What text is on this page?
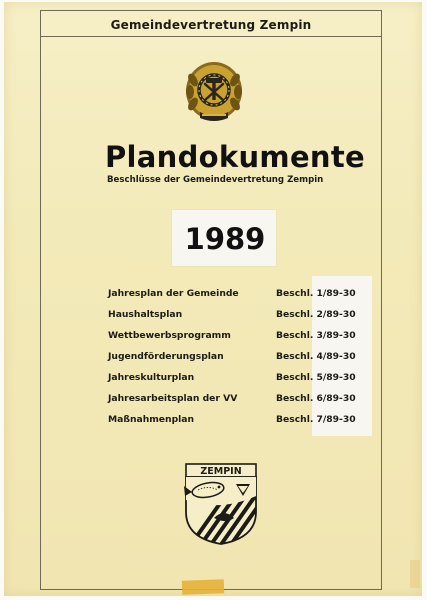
Gemeindevertretung Zempin
Plandokumente
Beschlüsse der Gemeindevertretung Zempin
1989
Jahresplan der Gemeinde	Beschl. 1/89-30
Haushaltsplan	Beschl. 2/89-30
Wettbewerbsprogramm	Beschl. 3/89-30
Jugendförderungsplan	Beschl. 4/89-30
Jahreskulturplan	Beschl. 5/89-30
Jahresarbeitsplan der VV	Beschl. 6/89-30
Maßnahmenplan	Beschl. 7/89-30
ZEMPIN
